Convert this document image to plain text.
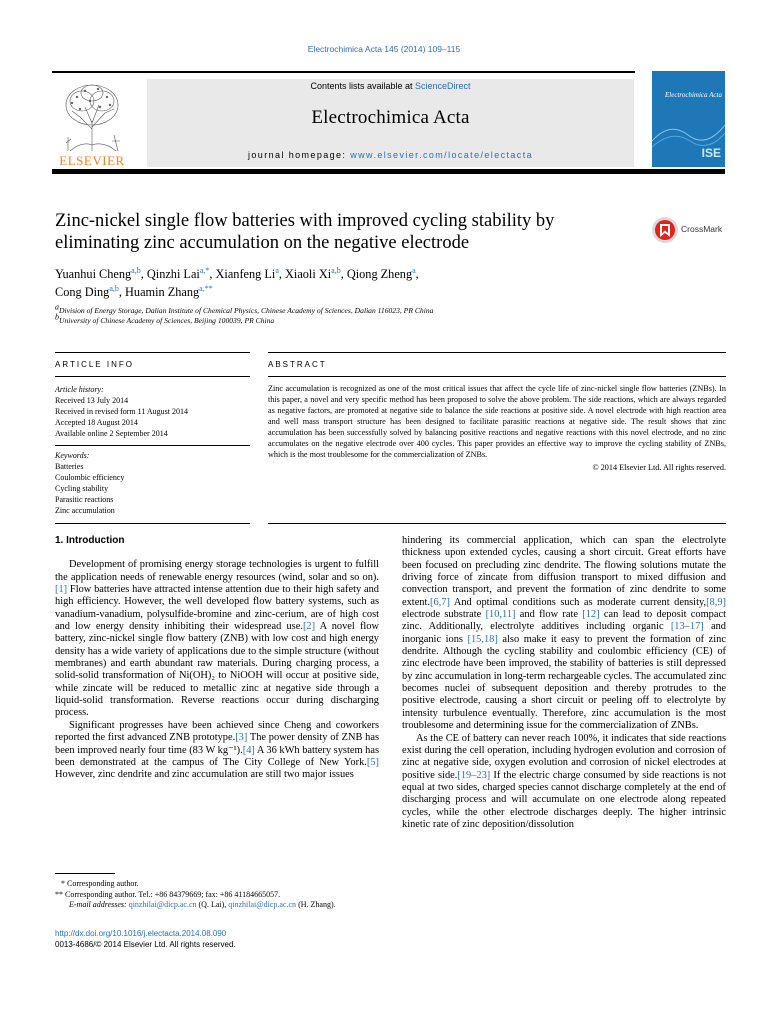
Electrochimica Acta 145 (2014) 109–115
ELSEVIER
Contents lists available at ScienceDirect
Electrochimica Acta
journal homepage: www.elsevier.com/locate/electacta
Electrochimica Acta
ISE
Zinc-nickel single flow batteries with improved cycling stability by
eliminating zinc accumulation on the negative electrode
CrossMark
Yuanhui Cheng$^{a,b}$, Qinzhi Lai$^{a,*}$, Xianfeng Li$^a$, Xiaoli Xi$^{a,b}$, Qiong Zheng$^a$,
Cong Ding$^{a,b}$, Huamin Zhang$^{a,**}$
$^a$Division of Energy Storage, Dalian Institute of Chemical Physics, Chinese Academy of Sciences, Dalian 116023, PR China
$^b$University of Chinese Academy of Sciences, Beijing 100039, PR China
ARTICLE INFO	ABSTRACT
Article history:
Received 13 July 2014
Received in revised form 11 August 2014
Accepted 18 August 2014
Available online 2 September 2014
Keywords:
Batteries
Coulombic efficiency
Cycling stability
Parasitic reactions
Zinc accumulation
Zinc accumulation is recognized as one of the most critical issues that affect the cycle life of zinc-nickel single flow batteries (ZNBs). In this paper, a novel and very specific method has been proposed to solve the above problem. The side reactions, which are always regarded as negative factors, are promoted at negative side to balance the side reactions at positive side. A novel electrode with high reaction area and well mass transport structure has been designed to facilitate parasitic reactions at negative side. The result shows that zinc accumulation has been successfully solved by balancing positive reactions and negative reactions with this novel electrode, and no zinc accumulates on the negative electrode over 400 cycles. This paper provides an effective way to improve the cycling stability of ZNBs, which is the most troublesome for the commercialization of ZNBs.
© 2014 Elsevier Ltd. All rights reserved.
1. Introduction

Development of promising energy storage technologies is urgent to fulfill the application needs of renewable energy resources (wind, solar and so on).[1] Flow batteries have attracted intense attention due to their high safety and high efficiency. However, the well developed flow battery systems, such as vanadium-vanadium, polysulfide-bromine and zinc-cerium, are of high cost and low energy density inhibiting their widespread use.[2] A novel flow battery, zinc-nickel single flow battery (ZNB) with low cost and high energy density has a wide variety of applications due to the simple structure (without membranes) and earth abundant raw materials. During charging process, a solid-solid transformation of Ni(OH)₂ to NiOOH will occur at positive side, while zincate will be reduced to metallic zinc at negative side through a liquid-solid transformation. Reverse reactions occur during discharging process.

Significant progresses have been achieved since Cheng and coworkers reported the first advanced ZNB prototype.[3] The power density of ZNB has been improved nearly four time (83 W kg⁻¹).[4] A 36 kWh battery system has been demonstrated at the campus of The City College of New York.[5] However, zinc dendrite and zinc accumulation are still two major issues

hindering its commercial application, which can span the electrolyte thickness upon extended cycles, causing a short circuit. Great efforts have been focused on precluding zinc dendrite. The flowing solutions mutate the driving force of zincate from diffusion transport to mixed diffusion and convection transport, and prevent the formation of zinc dendrite to some extent.[6,7] And optimal conditions such as moderate current density,[8,9] electrode substrate [10,11] and flow rate [12] can lead to deposit compact zinc. Additionally, electrolyte additives including organic [13–17] and inorganic ions [15,18] also make it easy to prevent the formation of zinc dendrite. Although the cycling stability and coulombic efficiency (CE) of zinc electrode have been improved, the stability of batteries is still depressed by zinc accumulation in long-term rechargeable cycles. The accumulated zinc becomes nuclei of subsequent deposition and thereby protrudes to the positive electrode, causing a short circuit or peeling off to electrolyte by intensity turbulence eventually. Therefore, zinc accumulation is the most troublesome and determining issue for the commercialization of ZNBs.

As the CE of battery can never reach 100%, it indicates that side reactions exist during the cell operation, including hydrogen evolution and corrosion of zinc at negative side, oxygen evolution and corrosion of nickel electrodes at positive side.[19–23] If the electric charge consumed by side reactions is not equal at two sides, charged species cannot discharge completely at the end of discharging process and will accumulate on one electrode along repeated cycles, while the other electrode discharges deeply. The higher intrinsic kinetic rate of zinc deposition/dissolution

* Corresponding author.
** Corresponding author. Tel.: +86 84379669; fax: +86 41184665057.
E-mail addresses: qinzhilai@dicp.ac.cn (Q. Lai), qinzhilai@dicp.ac.cn (H. Zhang).
http://dx.doi.org/10.1016/j.electacta.2014.08.090
0013-4686/© 2014 Elsevier Ltd. All rights reserved.
